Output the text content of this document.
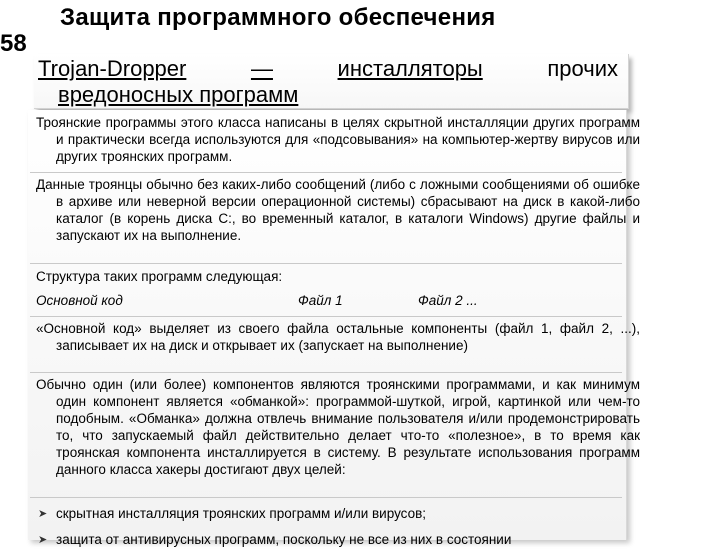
Защита программного обеспечения
58
Trojan-Dropper	—	инсталляторы	прочих
вредоносных программ

Троянские программы этого класса написаны в целях скрытной инсталляции других программ и практически всегда используются для «подсовывания» на компьютер-жертву вирусов или других троянских программ.

Данные троянцы обычно без каких-либо сообщений (либо с ложными сообщениями об ошибке в архиве или неверной версии операционной системы) сбрасывают на диск в какой-либо каталог (в корень диска С:, во временный каталог, в каталоги Windows) другие файлы и запускают их на выполнение.

Структура таких программ следующая:

Основной код	Файл 1	Файл 2 ...

«Основной код» выделяет из своего файла остальные компоненты (файл 1, файл 2, ...), записывает их на диск и открывает их (запускает на выполнение)

Обычно один (или более) компонентов являются троянскими программами, и как минимум один компонент является «обманкой»: программой-шуткой, игрой, картинкой или чем-то подобным. «Обманка» должна отвлечь внимание пользователя и/или продемонстрировать то, что запускаемый файл действительно делает что-то «полезное», в то время как троянская компонента инсталлируется в систему. В результате использования программ данного класса хакеры достигают двух целей:

➤ скрытная инсталляция троянских программ и/или вирусов;
➤ защита от антивирусных программ, поскольку не все из них в состоянии
